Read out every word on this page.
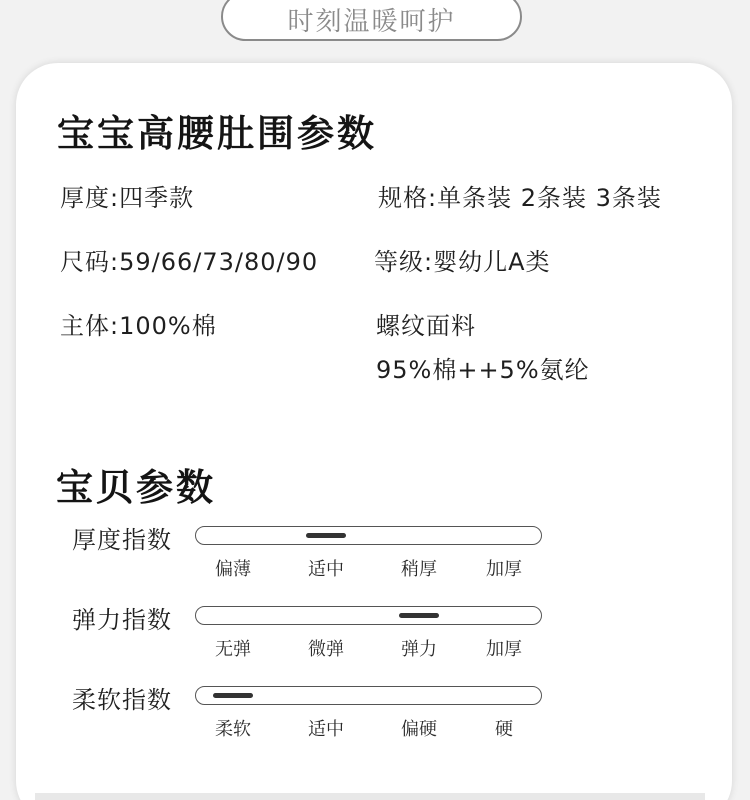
时刻温暖呵护
宝宝高腰肚围参数
厚度:四季款	规格:单条装 2条装 3条装
尺码:59/66/73/80/90 等级:婴幼儿A类
主体:100%棉	螺纹面料
95%棉++5%氨纶
宝贝参数
厚度指数
偏薄	适中	稍厚	加厚
弹力指数
无弹	微弹	弹力	加厚
柔软指数
柔软	适中	偏硬	硬
